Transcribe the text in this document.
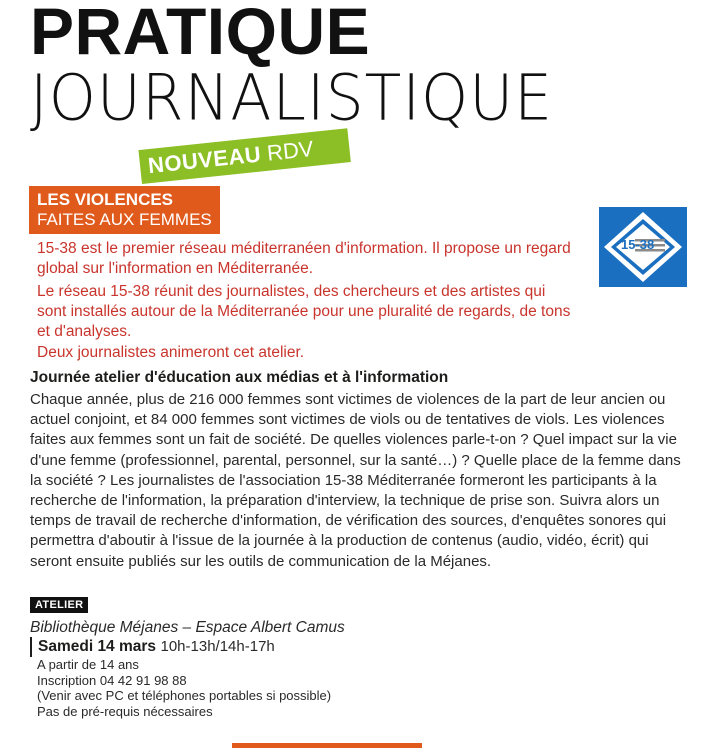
PRATIQUE
JOURNALISTIQUE
NOUVEAU RDV
LES VIOLENCES
FAITES AUX FEMMES
15-38

15-38 est le premier réseau méditerranéen d'information. Il propose un regard global sur l'information en Méditerranée.

Le réseau 15-38 réunit des journalistes, des chercheurs et des artistes qui sont installés autour de la Méditerranée pour une pluralité de regards, de tons et d'analyses.

Deux journalistes animeront cet atelier.

Journée atelier d'éducation aux médias et à l'information

Chaque année, plus de 216 000 femmes sont victimes de violences de la part de leur ancien ou actuel conjoint, et 84 000 femmes sont victimes de viols ou de tentatives de viols. Les violences faites aux femmes sont un fait de société. De quelles violences parle-t-on ? Quel impact sur la vie d'une femme (professionnel, parental, personnel, sur la santé…) ? Quelle place de la femme dans la société ? Les journalistes de l'association 15-38 Méditerranée formeront les participants à la recherche de l'information, la préparation d'interview, la technique de prise son. Suivra alors un temps de travail de recherche d'information, de vérification des sources, d'enquêtes sonores qui permettra d'aboutir à l'issue de la journée à la production de contenus (audio, vidéo, écrit) qui seront ensuite publiés sur les outils de communication de la Méjanes.

ATELIER

Bibliothèque Méjanes – Espace Albert Camus

Samedi 14 mars 10h-13h/14h-17h

A partir de 14 ans
Inscription 04 42 91 98 88
(Venir avec PC et téléphones portables si possible)
Pas de pré-requis nécessaires
